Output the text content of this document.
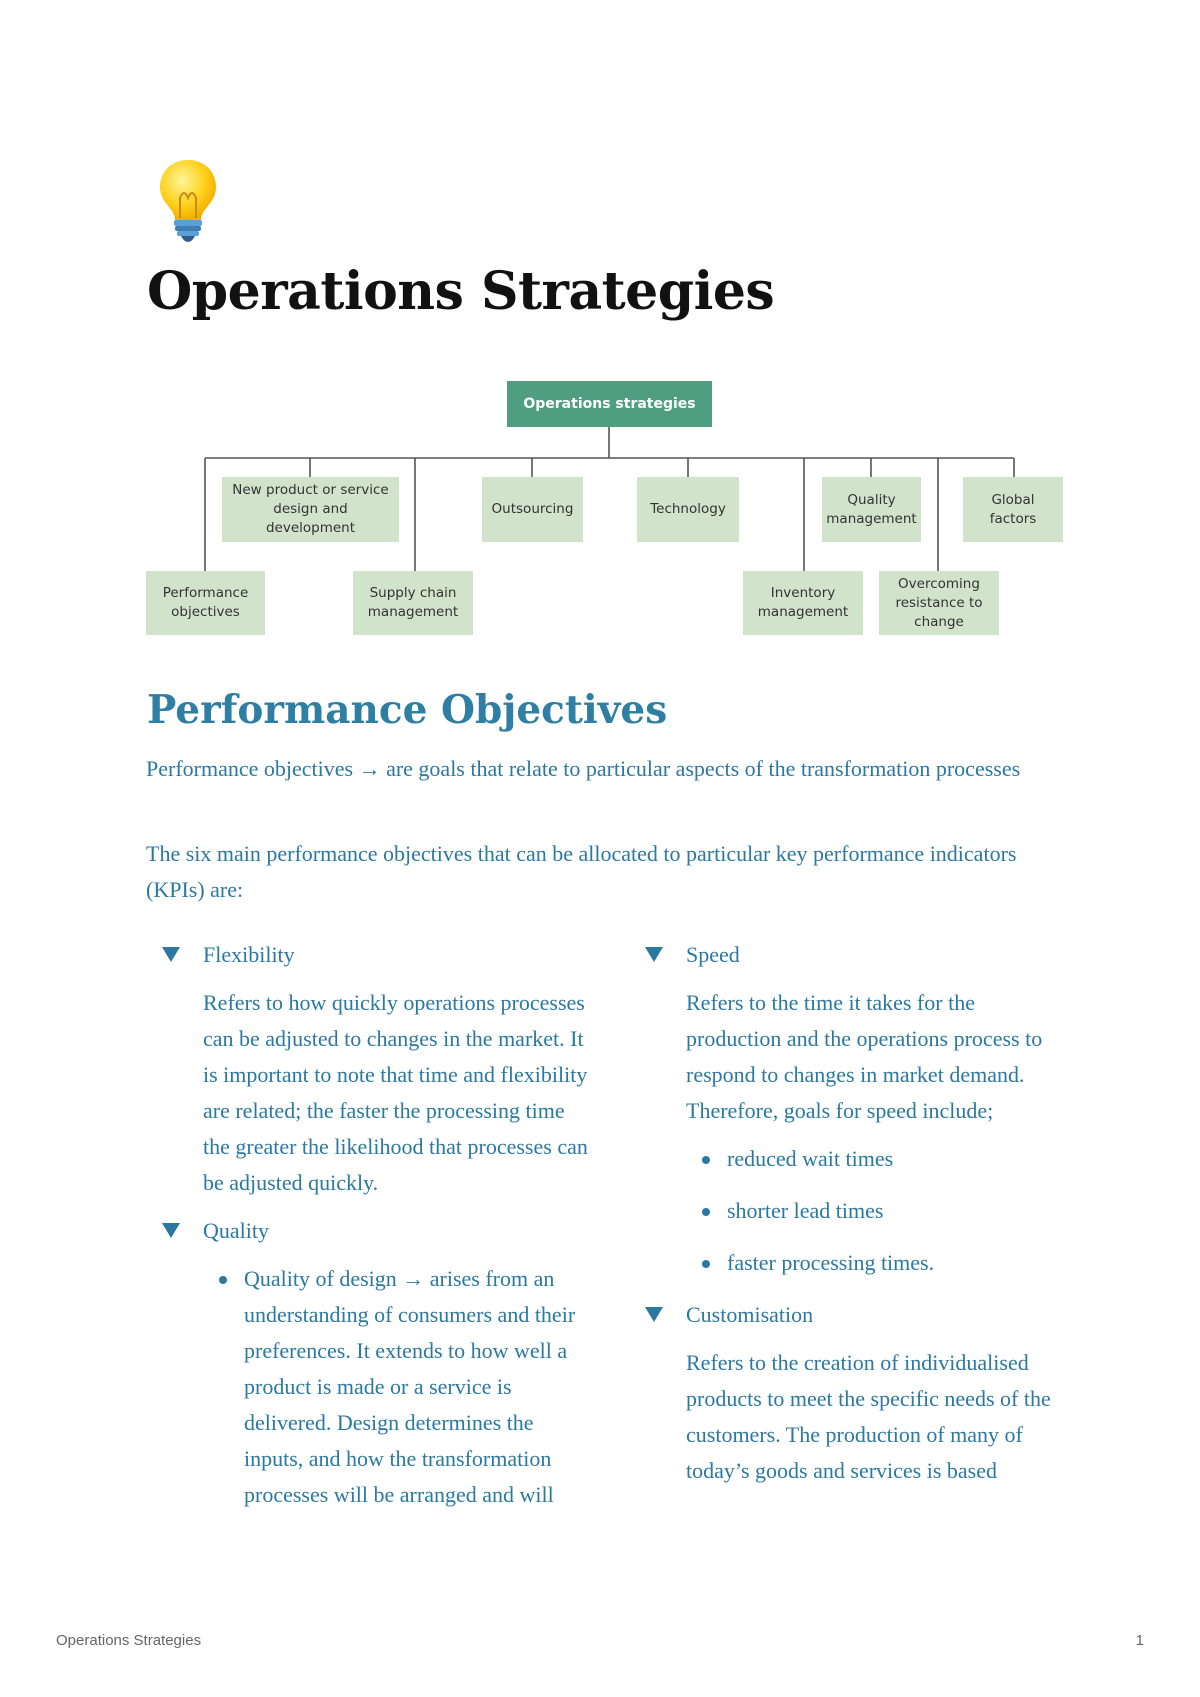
Operations Strategies
Operations strategies
New product or service design and development
Outsourcing	Technology
Quality management
Global factors
Performance objectives
Supply chain management
Inventory management
Overcoming resistance to change
Performance Objectives

Performance objectives → are goals that relate to particular aspects of the transformation processes

The six main performance objectives that can be allocated to particular key performance indicators (KPIs) are:

Flexibility

Refers to how quickly operations processes can be adjusted to changes in the market. It is important to note that time and flexibility are related; the faster the processing time the greater the likelihood that processes can be adjusted quickly.

Quality
Quality of design → arises from an understanding of consumers and their preferences. It extends to how well a product is made or a service is delivered. Design determines the inputs, and how the transformation processes will be arranged and will
Speed

Refers to the time it takes for the production and the operations process to respond to changes in market demand. Therefore, goals for speed include;

reduced wait times
shorter lead times
faster processing times.
Customisation

Refers to the creation of individualised products to meet the specific needs of the customers. The production of many of today’s goods and services is based

Operations Strategies	1
